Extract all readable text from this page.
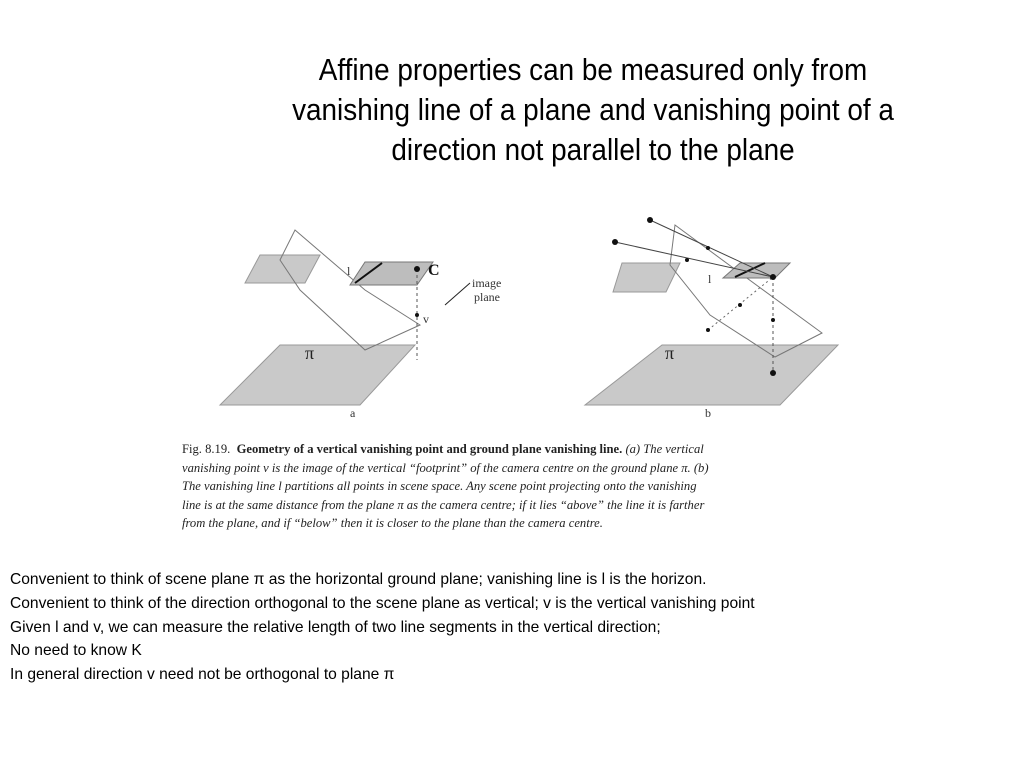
Affine properties can be measured only from
vanishing line of a plane and vanishing point of a
direction not parallel to the plane
l	C
image
plane
v
π
a
l
π
b
Fig. 8.19. Geometry of a vertical vanishing point and ground plane vanishing line. (a) The vertical
vanishing point v is the image of the vertical “footprint” of the camera centre on the ground plane π. (b)
The vanishing line l partitions all points in scene space. Any scene point projecting onto the vanishing
line is at the same distance from the plane π as the camera centre; if it lies “above” the line it is farther
from the plane, and if “below” then it is closer to the plane than the camera centre.
Convenient to think of scene plane π as the horizontal ground plane; vanishing line is l is the horizon.
Convenient to think of the direction orthogonal to the scene plane as vertical; v is the vertical vanishing point
Given l and v, we can measure the relative length of two line segments in the vertical direction;
No need to know K
In general direction v need not be orthogonal to plane π
